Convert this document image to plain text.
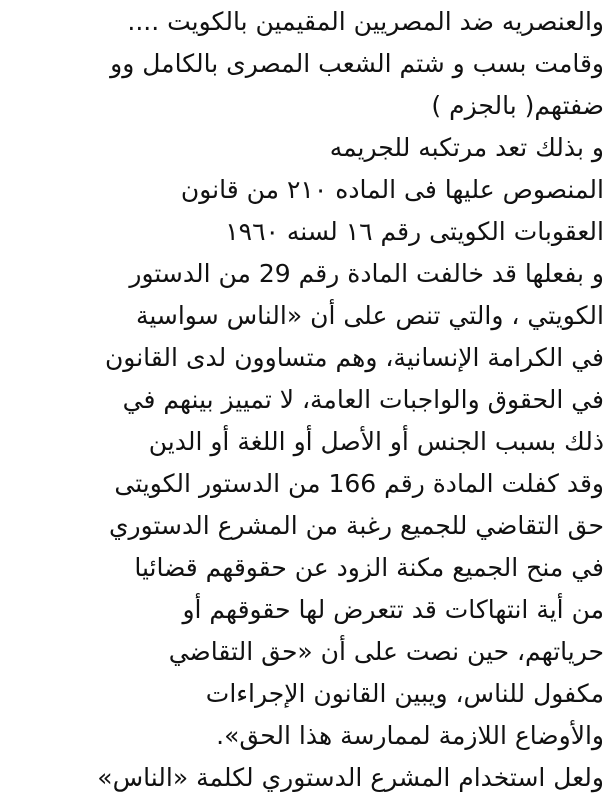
والعنصريه ضد المصريين المقيمين بالكويت ....
وقامت بسب و شتم الشعب المصرى بالكامل وو
ضفتهم( بالجزم )
و بذلك تعد مرتكبه للجريمه
المنصوص عليها فى الماده ٢١٠ من قانون
العقوبات الكويتى رقم ١٦ لسنه ١٩٦٠
و بفعلها قد خالفت المادة رقم 29 من الدستور
الكويتي ، والتي تنص على أن «الناس سواسية
في الكرامة الإنسانية، وهم متساوون لدى القانون
في الحقوق والواجبات العامة، لا تمييز بينهم في
ذلك بسبب الجنس أو الأصل أو اللغة أو الدين
وقد كفلت المادة رقم 166 من الدستور الكويتى
حق التقاضي للجميع رغبة من المشرع الدستوري
في منح الجميع مكنة الزود عن حقوقهم قضائيا
من أية انتهاكات قد تتعرض لها حقوقهم أو
حرياتهم، حين نصت على أن «حق التقاضي
مكفول للناس، ويبين القانون الإجراءات
والأوضاع اللازمة لممارسة هذا الحق».
ولعل استخدام المشرع الدستوري لكلمة «الناس»
